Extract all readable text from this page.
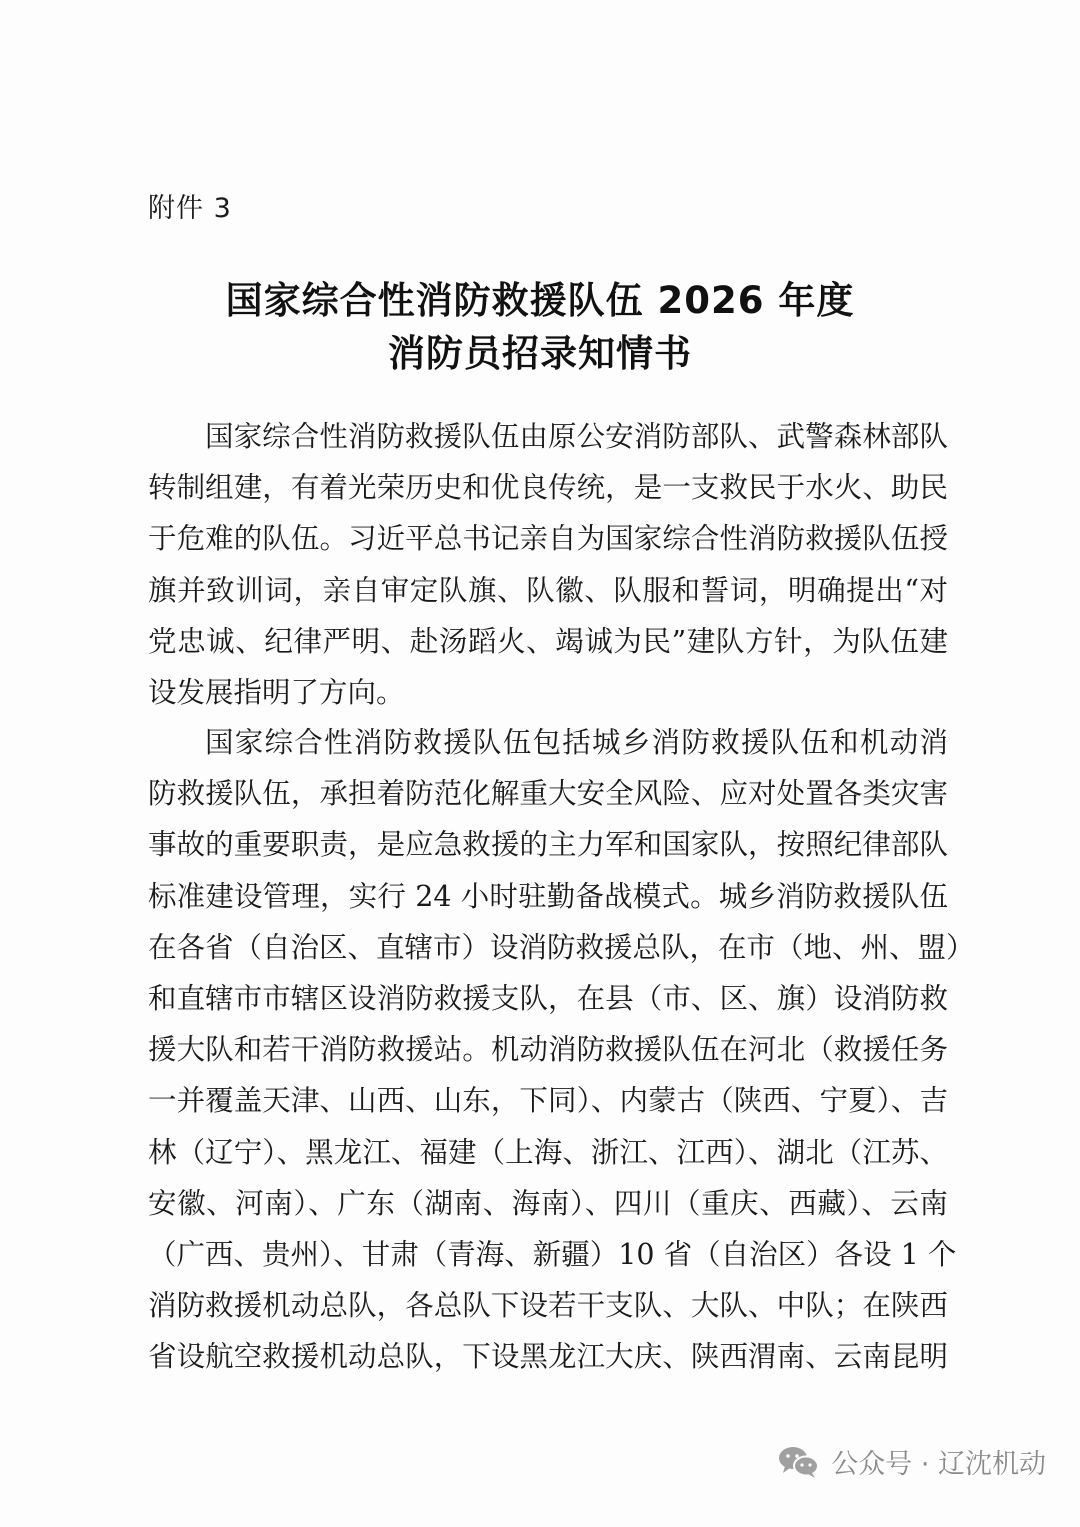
附件 3
国家综合性消防救援队伍 2026 年度
消防员招录知情书
国家综合性消防救援队伍由原公安消防部队、武警森林部队
转制组建，有着光荣历史和优良传统，是一支救民于水火、助民
于危难的队伍。习近平总书记亲自为国家综合性消防救援队伍授
旗并致训词，亲自审定队旗、队徽、队服和誓词，明确提出“对
党忠诚、纪律严明、赴汤蹈火、竭诚为民”建队方针，为队伍建
设发展指明了方向。
国家综合性消防救援队伍包括城乡消防救援队伍和机动消
防救援队伍，承担着防范化解重大安全风险、应对处置各类灾害
事故的重要职责，是应急救援的主力军和国家队，按照纪律部队
标准建设管理，实行 24 小时驻勤备战模式。城乡消防救援队伍
在各省（自治区、直辖市）设消防救援总队，在市（地、州、盟）
和直辖市市辖区设消防救援支队，在县（市、区、旗）设消防救
援大队和若干消防救援站。机动消防救援队伍在河北（救援任务
一并覆盖天津、山西、山东，下同）、内蒙古（陕西、宁夏）、吉
林（辽宁）、黑龙江、福建（上海、浙江、江西）、湖北（江苏、
安徽、河南）、广东（湖南、海南）、四川（重庆、西藏）、云南
（广西、贵州）、甘肃（青海、新疆）10 省（自治区）各设 1 个
消防救援机动总队，各总队下设若干支队、大队、中队；在陕西
省设航空救援机动总队，下设黑龙江大庆、陕西渭南、云南昆明
公众号 · 辽沈机动
